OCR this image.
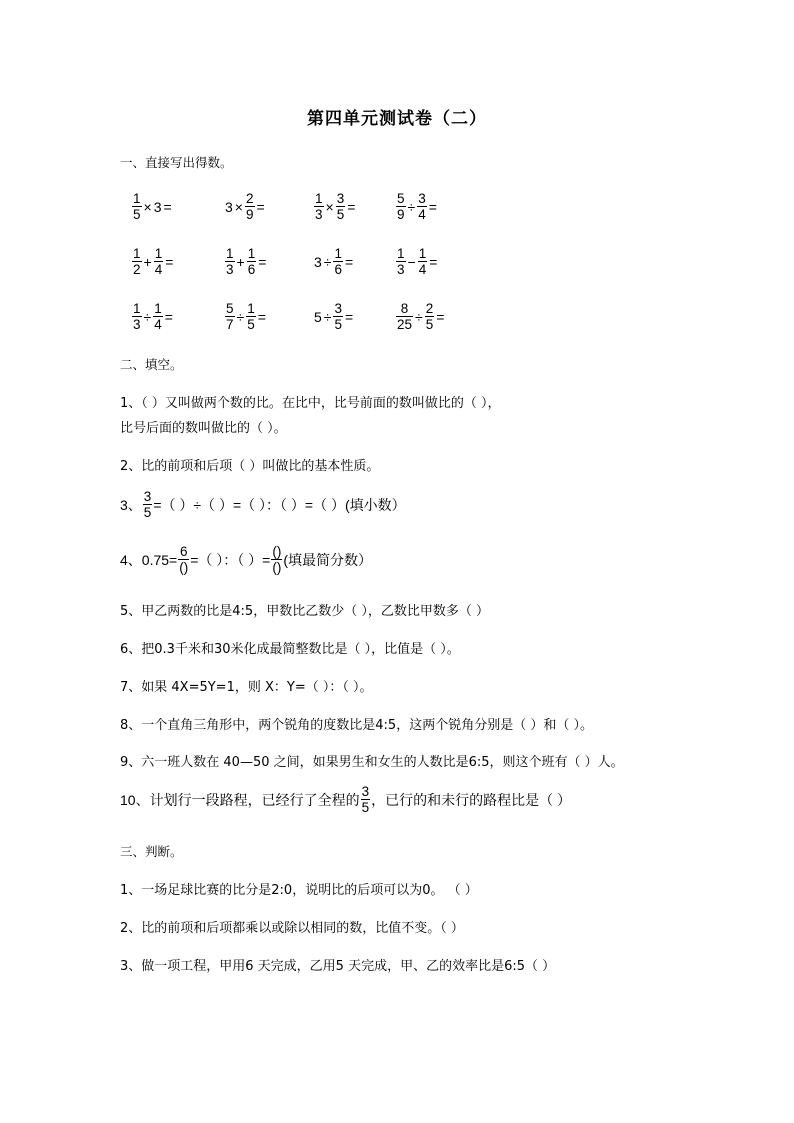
第四单元测试卷（二）
一、直接写出得数。
$\frac{1}{5} \times 3$ =	$3 \times \frac{2}{9}$ =	$\frac{1}{3} \times \frac{3}{5}$ =	$\frac{5}{9} \div \frac{3}{4}$ =
$\frac{1}{2} + \frac{1}{4}$ =	$\frac{1}{3} + \frac{1}{6}$ =	$3 \div \frac{1}{6}$ =	$\frac{1}{3} - \frac{1}{4}$ =
$\frac{1}{3} \div \frac{1}{4}$ =	$\frac{5}{7} \div \frac{1}{5}$ =	$5 \div \frac{3}{5}$ =	$\frac{8}{25} \div \frac{2}{5}$ =
二、填空。
1、（ ）又叫做两个数的比。在比中，比号前面的数叫做比的（ ），
比号后面的数叫做比的（ ）。
2、比的前项和后项（ ）叫做比的基本性质。
3、 $\frac{3}{5}$ =（ ）÷（ ）=（ ）：（ ）=（ ）(填小数）
4、$0.75= \frac{6}{()}$ =（ ）：（ ）= $\frac{()}{()}$ (填最简分数）
5、甲乙两数的比是4:5，甲数比乙数少（ ），乙数比甲数多（ ）
6、把0.3千米和30米化成最简整数比是（ ），比值是（ ）。
7、如果 4X=5Y=1，则 X：Y=（ ）：（ ）。
8、一个直角三角形中，两个锐角的度数比是4:5，这两个锐角分别是（ ）和（ ）。
9、六一班人数在 40—50 之间，如果男生和女生的人数比是6:5，则这个班有（ ）人。
10、计划行一段路程，已经行了全程的 $\frac{3}{5}$ ，已行的和未行的路程比是（ ）
三、判断。
1、一场足球比赛的比分是2:0，说明比的后项可以为0。 （ ）
2、比的前项和后项都乘以或除以相同的数，比值不变。（ ）
3、做一项工程，甲用6 天完成，乙用5 天完成，甲、乙的效率比是6:5（ ）
